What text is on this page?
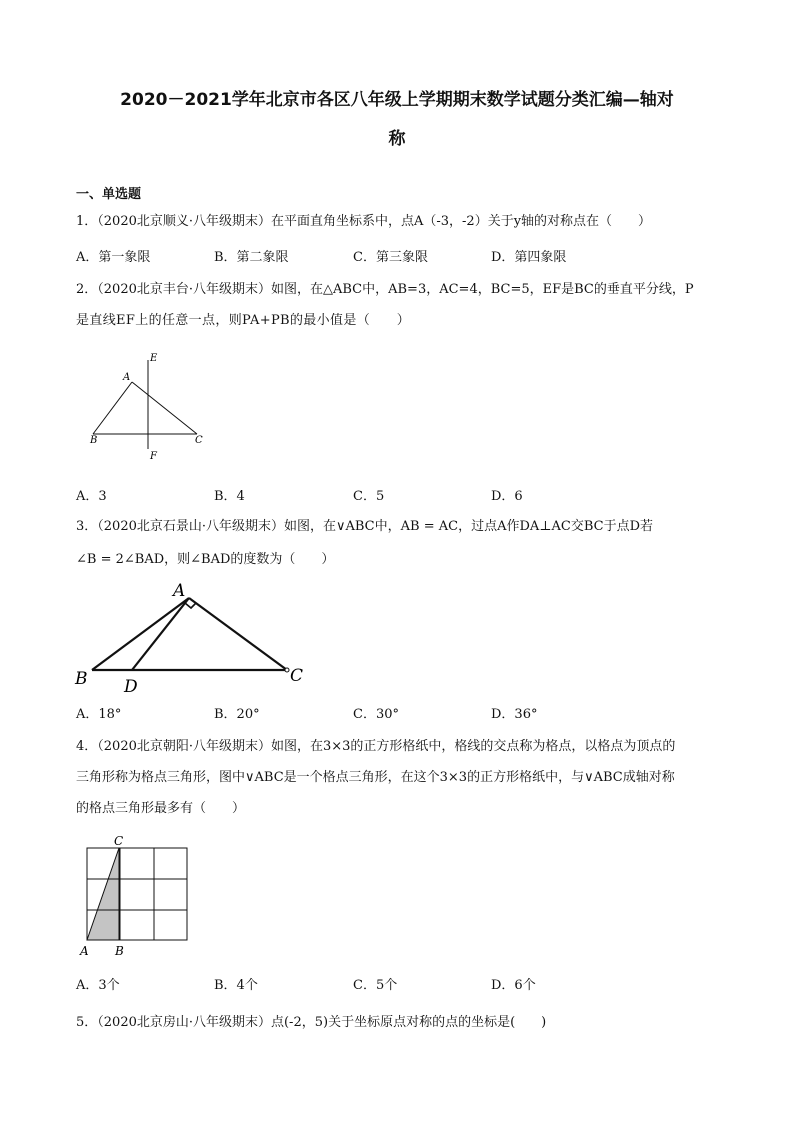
2020－2021学年北京市各区八年级上学期期末数学试题分类汇编—轴对
称
一、单选题
1．（2020北京顺义·八年级期末）在平面直角坐标系中，点A（-3，-2）关于y轴的对称点在（　　）
A．第一象限	B．第二象限	C．第三象限	D．第四象限
2．（2020北京丰台·八年级期末）如图，在△ABC中，AB=3，AC=4，BC=5，EF是BC的垂直平分线，P
是直线EF上的任意一点，则PA+PB的最小值是（　　）
E
A
B	C
F
A．3	B．4	C．5	D．6
3．（2020北京石景山·八年级期末）如图，在∨ABC中，AB = AC，过点A作DA⊥AC交BC于点D若
∠B = 2∠BAD，则∠BAD的度数为（　　）
A
B D
C
A．18°	B．20°	C．30°	D．36°
4．（2020北京朝阳·八年级期末）如图，在3×3的正方形格纸中，格线的交点称为格点，以格点为顶点的
三角形称为格点三角形，图中∨ABC是一个格点三角形，在这个3×3的正方形格纸中，与∨ABC成轴对称
的格点三角形最多有（　　）
C
A B
A．3个	B．4个	C．5个	D．6个
5．（2020北京房山·八年级期末）点(-2，5)关于坐标原点对称的点的坐标是(　　)
